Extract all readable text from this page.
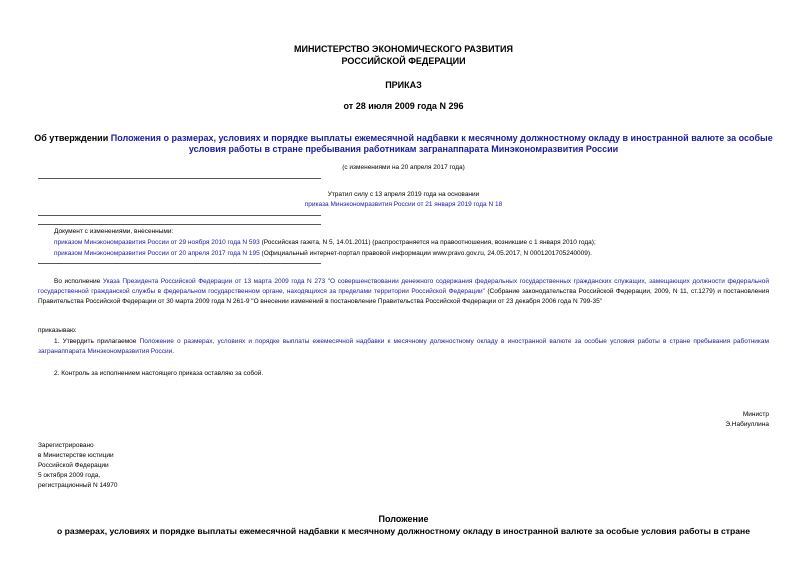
МИНИСТЕРСТВО ЭКОНОМИЧЕСКОГО РАЗВИТИЯ
РОССИЙСКОЙ ФЕДЕРАЦИИ
ПРИКАЗ
от 28 июля 2009 года N 296
Об утверждении Положения о размерах, условиях и порядке выплаты ежемесячной надбавки к месячному должностному окладу в иностранной валюте за особые
условия работы в стране пребывания работникам загранаппарата Минэкономразвития России
(с изменениями на 20 апреля 2017 года)
Утратил силу с 13 апреля 2019 года на основании
приказа Минэкономразвития России от 21 января 2019 года N 18
Документ с изменениями, внесенными:
приказом Минэкономразвития России от 29 ноября 2010 года N 593 (Российская газета, N 5, 14.01.2011) (распространяется на правоотношения, возникшие с 1 января 2010 года);
приказом Минэкономразвития России от 20 апреля 2017 года N 195 (Официальный интернет-портал правовой информации www.pravo.gov.ru, 24.05.2017, N 0001201705240009).
Во исполнение Указа Президента Российской Федерации от 13 марта 2009 года N 273 "О совершенствовании денежного содержания федеральных государственных гражданских служащих, замещающих должности федеральной государственной гражданской службы в федеральном государственном органе, находящихся за пределами территории Российской Федерации" (Собрание законодательства Российской Федерации, 2009, N 11, ст.1279) и постановления Правительства Российской Федерации от 30 марта 2009 года N 261-9 "О внесении изменений в постановление Правительства Российской Федерации от 23 декабря 2006 года N 799-35"
приказываю:
1. Утвердить прилагаемое Положение о размерах, условиях и порядке выплаты ежемесячной надбавки к месячному должностному окладу в иностранной валюте за особые условия работы в стране пребывания работникам загранаппарата Минэкономразвития России.
2. Контроль за исполнением настоящего приказа оставляю за собой.
Министр
Э.Набиуллина
Зарегистрировано
в Министерстве юстиции
Российской Федерации
5 октября 2009 года,
регистрационный N 14970
Положение
о размерах, условиях и порядке выплаты ежемесячной надбавки к месячному должностному окладу в иностранной валюте за особые условия работы в стране
